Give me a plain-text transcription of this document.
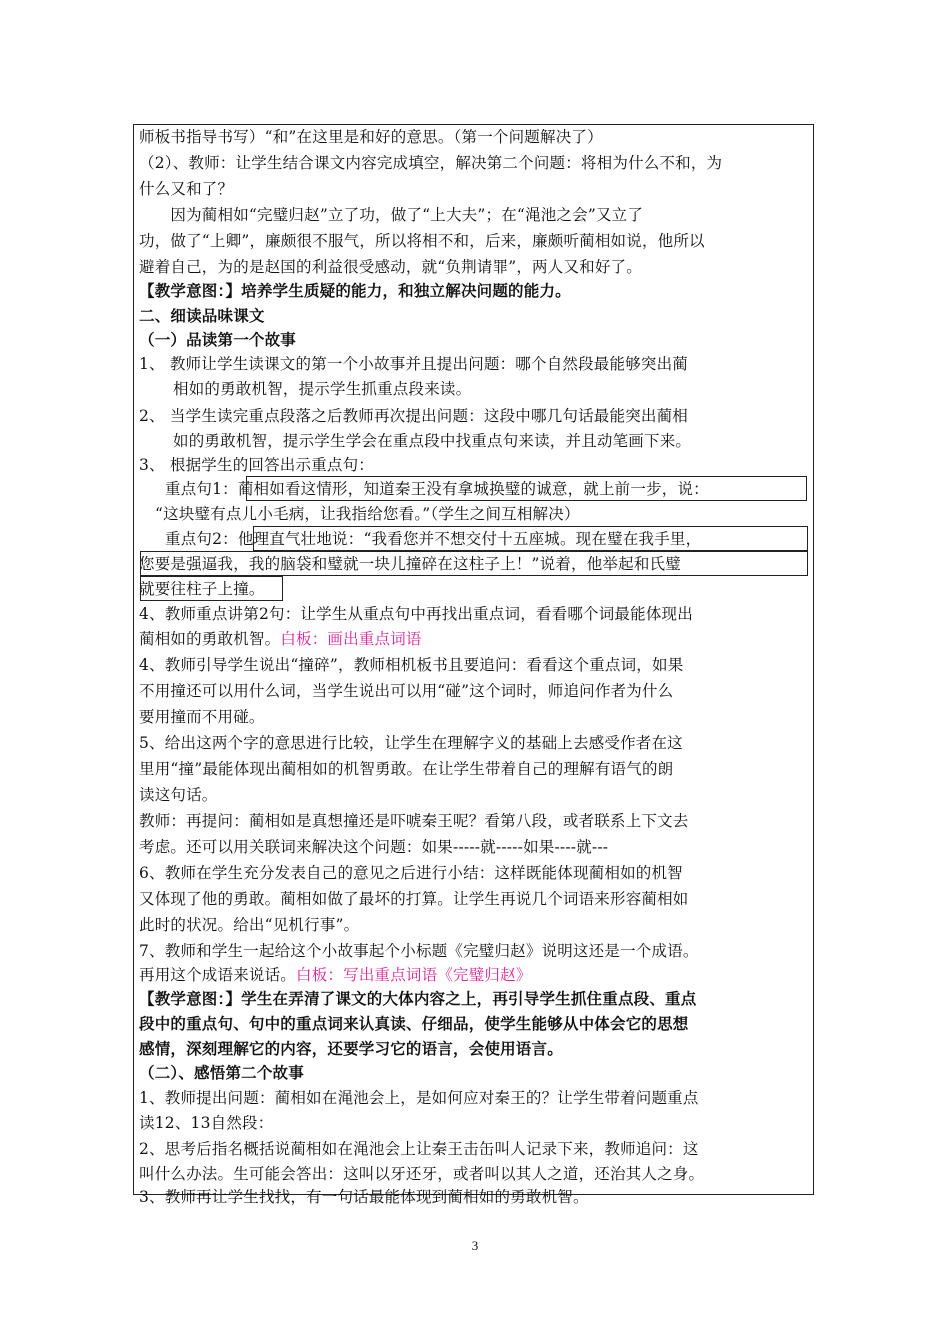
师板书指导书写）“和”在这里是和好的意思。（第一个问题解决了）
（2）、教师：让学生结合课文内容完成填空，解决第二个问题：将相为什么不和，为
什么又和了？
　　因为蔺相如“完璧归赵”立了功，做了“上大夫”；在“渑池之会”又立了
功，做了“上卿”，廉颇很不服气，所以将相不和，后来，廉颇听蔺相如说，他所以
避着自己，为的是赵国的利益很受感动，就“负荆请罪”，两人又和好了。
【教学意图：】培养学生质疑的能力，和独立解决问题的能力。
二、细读品味课文
（一）品读第一个故事
1、 教师让学生读课文的第一个小故事并且提出问题：哪个自然段最能够突出蔺
相如的勇敢机智，提示学生抓重点段来读。
2、 当学生读完重点段落之后教师再次提出问题：这段中哪几句话最能突出蔺相
如的勇敢机智，提示学生学会在重点段中找重点句来读，并且动笔画下来。
3、 根据学生的回答出示重点句：
重点句1：蔺相如看这情形，知道秦王没有拿城换璧的诚意，就上前一步，说：
“这块璧有点儿小毛病，让我指给您看。”（学生之间互相解决）
重点句2：他理直气壮地说：“我看您并不想交付十五座城。现在璧在我手里，
您要是强逼我，我的脑袋和璧就一块儿撞碎在这柱子上！”说着，他举起和氏璧
就要往柱子上撞。
4、教师重点讲第2句：让学生从重点句中再找出重点词，看看哪个词最能体现出
蔺相如的勇敢机智。白板：画出重点词语
4、教师引导学生说出“撞碎”，教师相机板书且要追问：看看这个重点词，如果
不用撞还可以用什么词，当学生说出可以用“碰”这个词时，师追问作者为什么
要用撞而不用碰。
5、给出这两个字的意思进行比较，让学生在理解字义的基础上去感受作者在这
里用“撞”最能体现出蔺相如的机智勇敢。在让学生带着自己的理解有语气的朗
读这句话。
教师：再提问：蔺相如是真想撞还是吓唬秦王呢？看第八段，或者联系上下文去
考虑。还可以用关联词来解决这个问题：如果-----就-----如果----就---
6、教师在学生充分发表自己的意见之后进行小结：这样既能体现蔺相如的机智
又体现了他的勇敢。蔺相如做了最坏的打算。让学生再说几个词语来形容蔺相如
此时的状况。给出“见机行事”。
7、教师和学生一起给这个小故事起个小标题《完璧归赵》说明这还是一个成语。
再用这个成语来说话。白板：写出重点词语《完璧归赵》
【教学意图：】学生在弄清了课文的大体内容之上，再引导学生抓住重点段、重点
段中的重点句、句中的重点词来认真读、仔细品，使学生能够从中体会它的思想
感情，深刻理解它的内容，还要学习它的语言，会使用语言。
（二）、感悟第二个故事
1、教师提出问题：蔺相如在渑池会上，是如何应对秦王的？让学生带着问题重点
读12、13自然段：
2、思考后指名概括说蔺相如在渑池会上让秦王击缶叫人记录下来，教师追问：这
叫什么办法。生可能会答出：这叫以牙还牙，或者叫以其人之道，还治其人之身。
3、教师再让学生找找，有一句话最能体现到蔺相如的勇敢机智。
3
